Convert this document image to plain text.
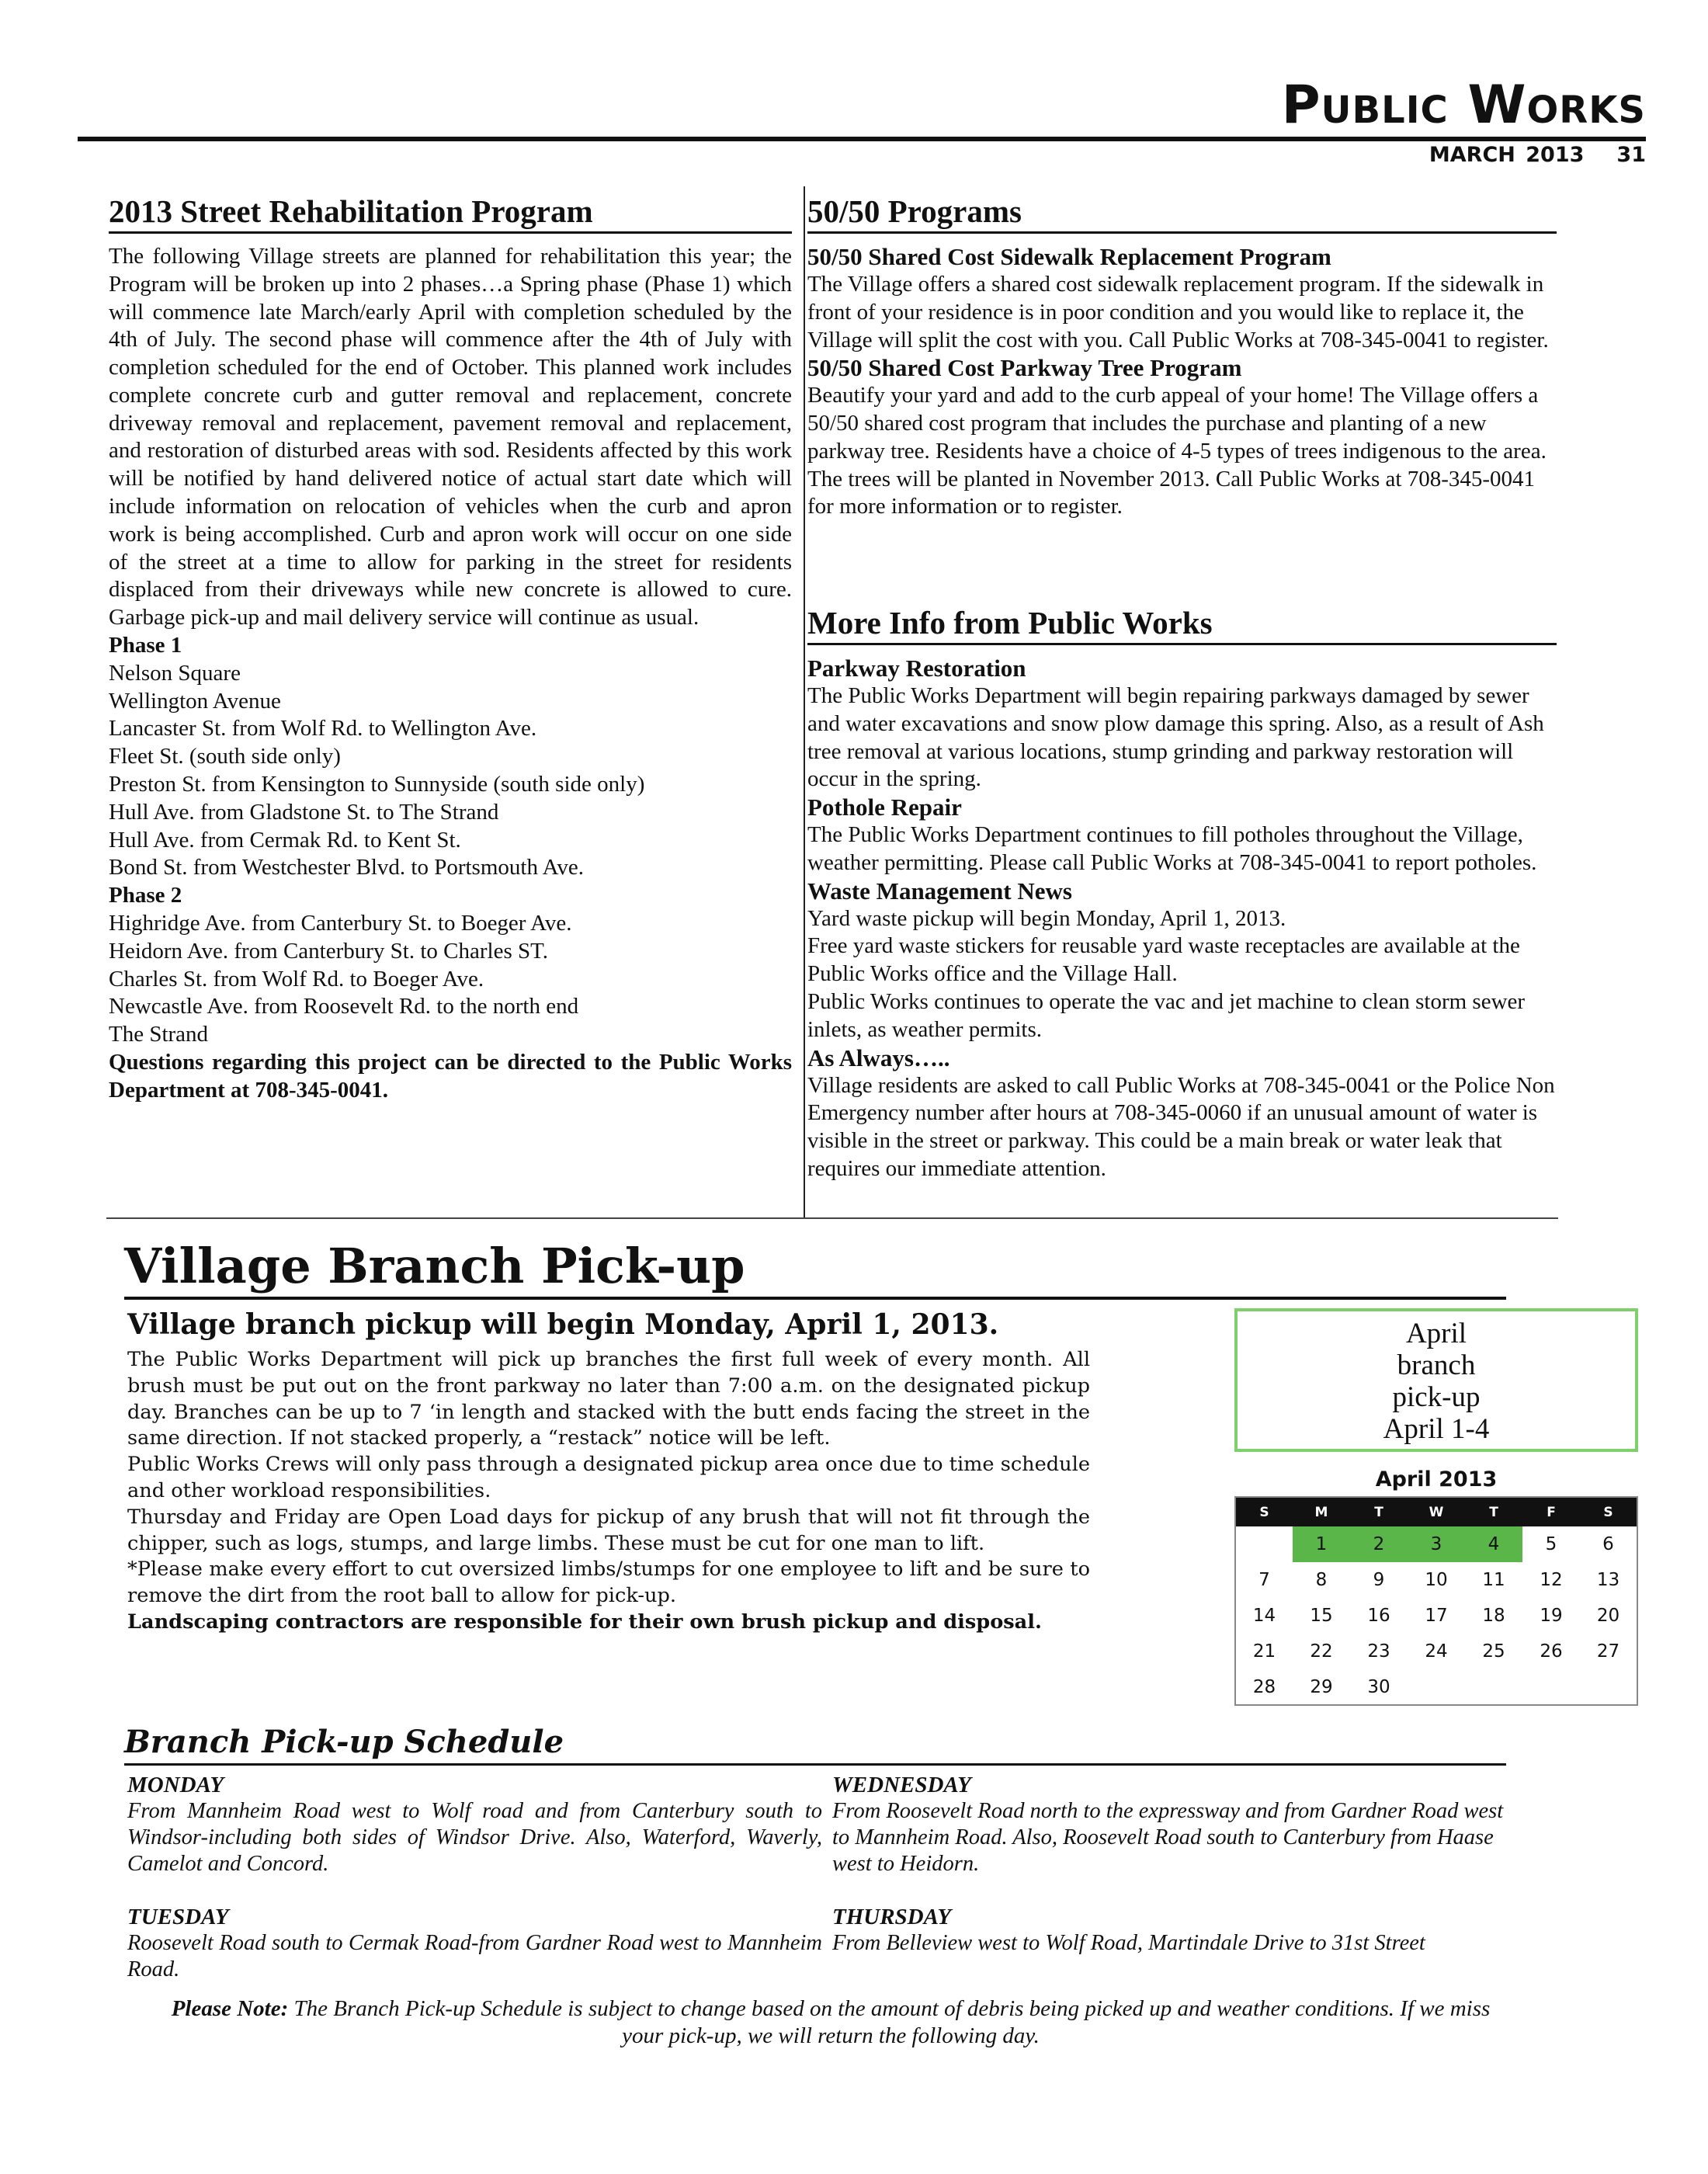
Public Works
MARCH 2013 31
2013 Street Rehabilitation Program

The following Village streets are planned for rehabilitation this year; the Program will be broken up into 2 phases…a Spring phase (Phase 1) which will commence late March/early April with completion scheduled by the 4th of July. The second phase will commence after the 4th of July with completion scheduled for the end of October. This planned work includes complete concrete curb and gutter removal and replacement, concrete driveway removal and replacement, pavement removal and replacement, and restoration of disturbed areas with sod. Residents affected by this work will be notified by hand delivered notice of actual start date which will include information on relocation of vehicles when the curb and apron work is being accomplished. Curb and apron work will occur on one side of the street at a time to allow for parking in the street for residents displaced from their driveways while new concrete is allowed to cure. Garbage pick-up and mail delivery service will continue as usual.

Phase 1

Nelson Square

Wellington Avenue

Lancaster St. from Wolf Rd. to Wellington Ave.

Fleet St. (south side only)

Preston St. from Kensington to Sunnyside (south side only)

Hull Ave. from Gladstone St. to The Strand

Hull Ave. from Cermak Rd. to Kent St.

Bond St. from Westchester Blvd. to Portsmouth Ave.

Phase 2

Highridge Ave. from Canterbury St. to Boeger Ave.

Heidorn Ave. from Canterbury St. to Charles ST.

Charles St. from Wolf Rd. to Boeger Ave.

Newcastle Ave. from Roosevelt Rd. to the north end

The Strand

Questions regarding this project can be directed to the Public Works Department at 708-345-0041.

50/50 Programs

50/50 Shared Cost Sidewalk Replacement Program

The Village offers a shared cost sidewalk replacement program. If the sidewalk in front of your residence is in poor condition and you would like to replace it, the Village will split the cost with you. Call Public Works at 708-345-0041 to register.

50/50 Shared Cost Parkway Tree Program

Beautify your yard and add to the curb appeal of your home! The Village offers a 50/50 shared cost program that includes the purchase and planting of a new parkway tree. Residents have a choice of 4-5 types of trees indigenous to the area. The trees will be planted in November 2013. Call Public Works at 708-345-0041 for more information or to register.

More Info from Public Works

Parkway Restoration

The Public Works Department will begin repairing parkways damaged by sewer and water excavations and snow plow damage this spring. Also, as a result of Ash tree removal at various locations, stump grinding and parkway restoration will occur in the spring.

Pothole Repair

The Public Works Department continues to fill potholes throughout the Village, weather permitting. Please call Public Works at 708-345-0041 to report potholes.

Waste Management News

Yard waste pickup will begin Monday, April 1, 2013.

Free yard waste stickers for reusable yard waste receptacles are available at the Public Works office and the Village Hall.

Public Works continues to operate the vac and jet machine to clean storm sewer inlets, as weather permits.

As Always…..

Village residents are asked to call Public Works at 708-345-0041 or the Police Non Emergency number after hours at 708-345-0060 if an unusual amount of water is visible in the street or parkway. This could be a main break or water leak that requires our immediate attention.

Village Branch Pick-up
Village branch pickup will begin Monday, April 1, 2013.

The Public Works Department will pick up branches the first full week of every month. All brush must be put out on the front parkway no later than 7:00 a.m. on the designated pickup day. Branches can be up to 7 ‘in length and stacked with the butt ends facing the street in the same direction. If not stacked properly, a “restack” notice will be left.

Public Works Crews will only pass through a designated pickup area once due to time schedule and other workload responsibilities.

Thursday and Friday are Open Load days for pickup of any brush that will not fit through the chipper, such as logs, stumps, and large limbs. These must be cut for one man to lift.

*Please make every effort to cut oversized limbs/stumps for one employee to lift and be sure to remove the dirt from the root ball to allow for pick-up.

Landscaping contractors are responsible for their own brush pickup and disposal.

April
branch
pick-up
April 1-4
April 2013
S	M	T	W	T	F	S
	1	2	3	4	5	6
7	8	9	10	11	12	13
14	15	16	17	18	19	20
21	22	23	24	25	26	27
28	29	30				
Branch Pick-up Schedule
MONDAY
From Mannheim Road west to Wolf road and from Canterbury south to Windsor-including both sides of Windsor Drive. Also, Waterford, Waverly, Camelot and Concord.
WEDNESDAY
From Roosevelt Road north to the expressway and from Gardner Road west to Mannheim Road. Also, Roosevelt Road south to Canterbury from Haase west to Heidorn.
TUESDAY
Roosevelt Road south to Cermak Road-from Gardner Road west to Mannheim Road.
THURSDAY
From Belleview west to Wolf Road, Martindale Drive to 31st Street
Please Note: The Branch Pick-up Schedule is subject to change based on the amount of debris being picked up and weather conditions. If we miss your pick-up, we will return the following day.
